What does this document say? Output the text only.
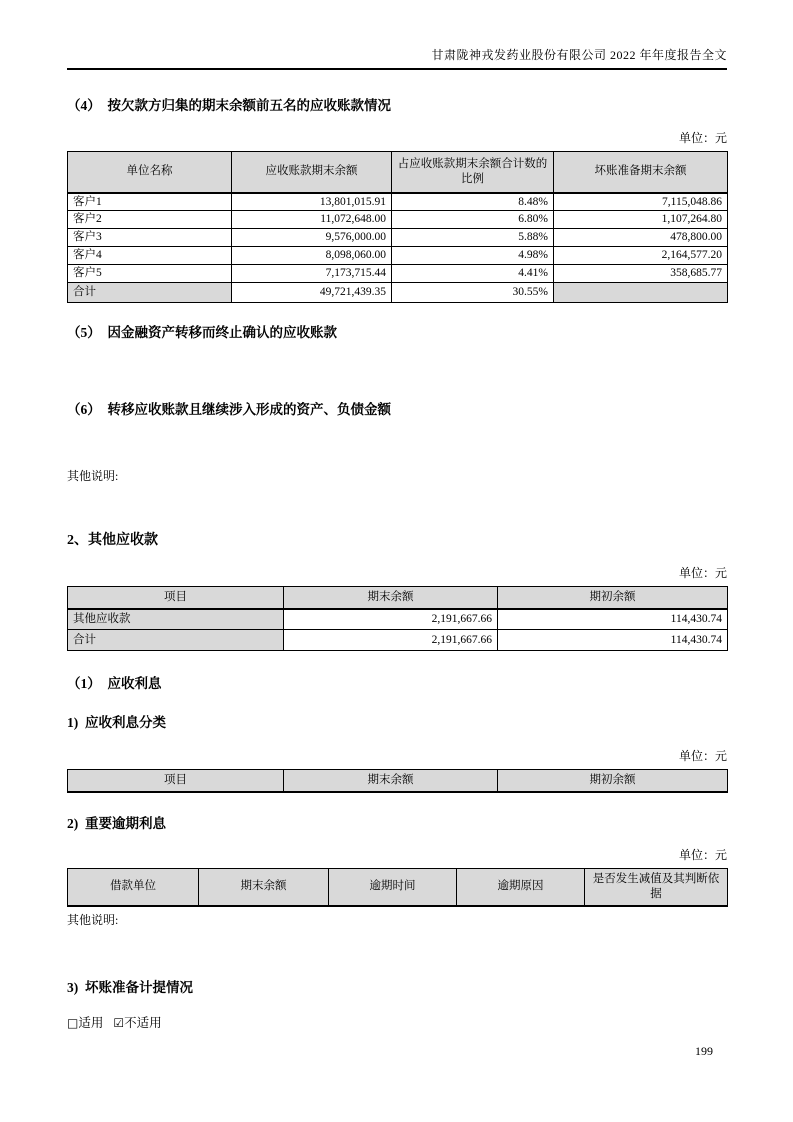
甘肃陇神戎发药业股份有限公司 2022 年年度报告全文
（4）  按欠款方归集的期末余额前五名的应收账款情况
单位：元
单位名称	应收账款期末余额	占应收账款期末余额合计数的比例	坏账准备期末余额
客户1	13,801,015.91	8.48%	7,115,048.86
客户2	11,072,648.00	6.80%	1,107,264.80
客户3	9,576,000.00	5.88%	478,800.00
客户4	8,098,060.00	4.98%	2,164,577.20
客户5	7,173,715.44	4.41%	358,685.77
合计	49,721,439.35	30.55%	
（5）  因金融资产转移而终止确认的应收账款
（6）  转移应收账款且继续涉入形成的资产、负债金额
其他说明:
2、其他应收款
单位：元
项目	期末余额	期初余额
其他应收款	2,191,667.66	114,430.74
合计	2,191,667.66	114,430.74
（1）  应收利息
1)  应收利息分类
单位：元
项目	期末余额	期初余额
2)  重要逾期利息
单位：元
借款单位	期末余额	逾期时间	逾期原因	是否发生减值及其判断依据
其他说明:
3)  坏账准备计提情况
□适用 ☑不适用
199
